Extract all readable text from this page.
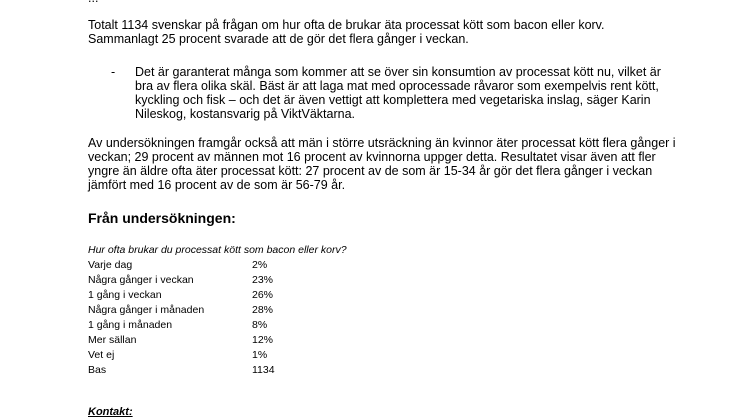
Totalt 1134 svenskar på frågan om hur ofta de brukar äta processat kött som bacon eller korv. Sammanlagt 25 procent svarade att de gör det flera gånger i veckan.

- Det är garanterat många som kommer att se över sin konsumtion av processat kött nu, vilket är bra av flera olika skäl. Bäst är att laga mat med oprocessade råvaror som exempelvis rent kött, kyckling och fisk – och det är även vettigt att komplettera med vegetariska inslag, säger Karin Nileskog, kostansvarig på ViktVäktarna.

Av undersökningen framgår också att män i större utsräckning än kvinnor äter processat kött flera gånger i veckan; 29 procent av männen mot 16 procent av kvinnorna uppger detta. Resultatet visar även att fler yngre än äldre ofta äter processat kött: 27 procent av de som är 15-34 år gör det flera gånger i veckan jämfört med 16 procent av de som är 56-79 år.

Från undersökningen:
Hur ofta brukar du processat kött som bacon eller korv?
Varje dag	2%
Några gånger i veckan	23%
1 gång i veckan	26%
Några gånger i månaden	28%
1 gång i månaden	8%
Mer sällan	12%
Vet ej	1%
Bas	1134
Kontakt:
